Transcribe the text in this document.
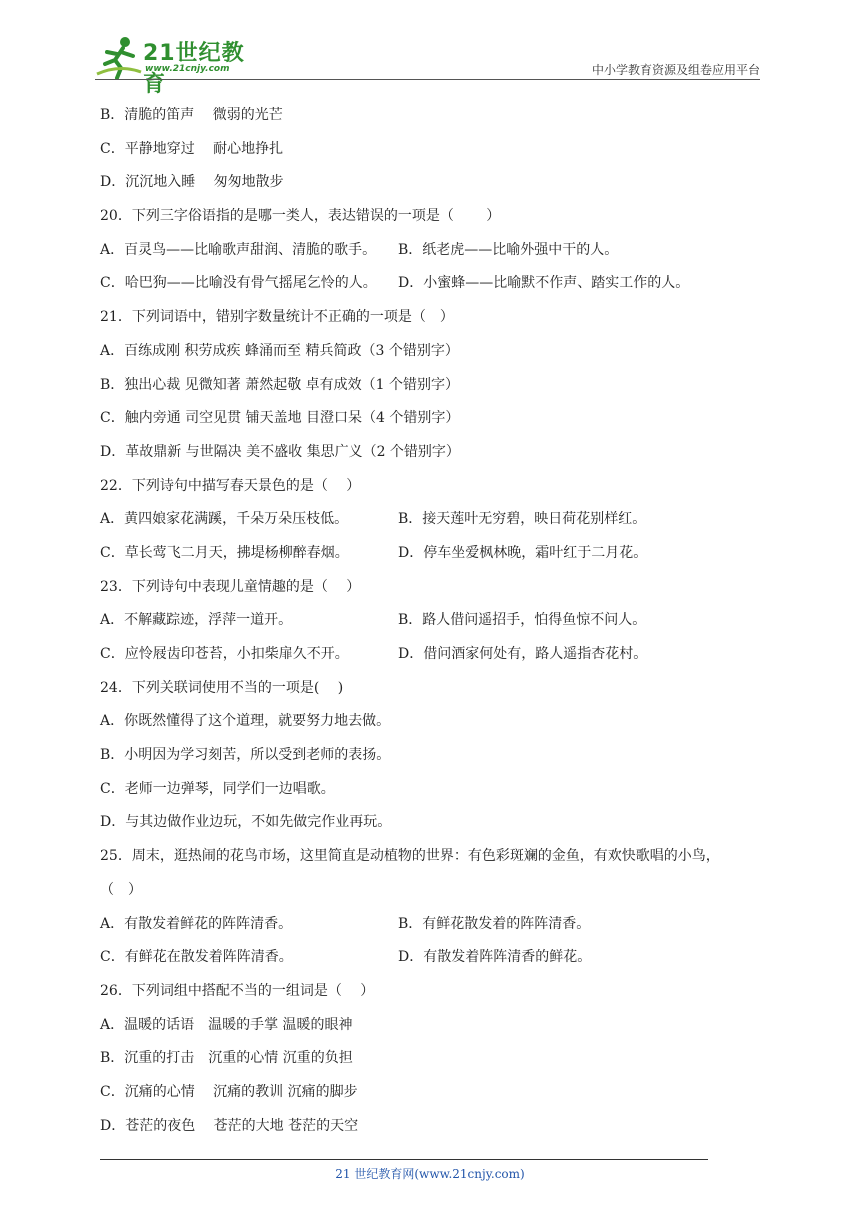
21世纪教育
www.21cnjy.com	中小学教育资源及组卷应用平台
B．清脆的笛声　 微弱的光芒
C．平静地穿过　 耐心地挣扎
D．沉沉地入睡　 匆匆地散步
20．下列三字俗语指的是哪一类人，表达错误的一项是（　　 ）
A．百灵鸟——比喻歌声甜润、清脆的歌手。	B．纸老虎——比喻外强中干的人。
C．哈巴狗——比喻没有骨气摇尾乞怜的人。	D．小蜜蜂——比喻默不作声、踏实工作的人。
21．下列词语中，错别字数量统计不正确的一项是（　）
A．百练成刚 积劳成疾 蜂涌而至 精兵简政（3 个错别字）
B．独出心裁 见微知著 萧然起敬 卓有成效（1 个错别字）
C．触内旁通 司空见贯 铺天盖地 目澄口呆（4 个错别字）
D．革故鼎新 与世隔决 美不盛收 集思广义（2 个错别字）
22．下列诗句中描写春天景色的是（　 ）
A．黄四娘家花满蹊，千朵万朵压枝低。	B．接天莲叶无穷碧，映日荷花别样红。
C．草长莺飞二月天，拂堤杨柳醉春烟。	D．停车坐爱枫林晚，霜叶红于二月花。
23．下列诗句中表现儿童情趣的是（　 ）
A．不解藏踪迹，浮萍一道开。	B．路人借问遥招手，怕得鱼惊不问人。
C．应怜屐齿印苍苔，小扣柴扉久不开。	D．借问酒家何处有，路人遥指杏花村。
24．下列关联词使用不当的一项是(　 )
A．你既然懂得了这个道理，就要努力地去做。
B．小明因为学习刻苦，所以受到老师的表扬。
C．老师一边弹琴，同学们一边唱歌。
D．与其边做作业边玩，不如先做完作业再玩。
25．周末，逛热闹的花鸟市场，这里简直是动植物的世界：有色彩斑斓的金鱼，有欢快歌唱的小鸟，
（　）
A．有散发着鲜花的阵阵清香。	B．有鲜花散发着的阵阵清香。
C．有鲜花在散发着阵阵清香。	D．有散发着阵阵清香的鲜花。
26．下列词组中搭配不当的一组词是（　 ）
A．温暖的话语　温暖的手掌 温暖的眼神
B．沉重的打击　沉重的心情 沉重的负担
C．沉痛的心情　 沉痛的教训 沉痛的脚步
D．苍茫的夜色　 苍茫的大地 苍茫的天空
21 世纪教育网(www.21cnjy.com)
